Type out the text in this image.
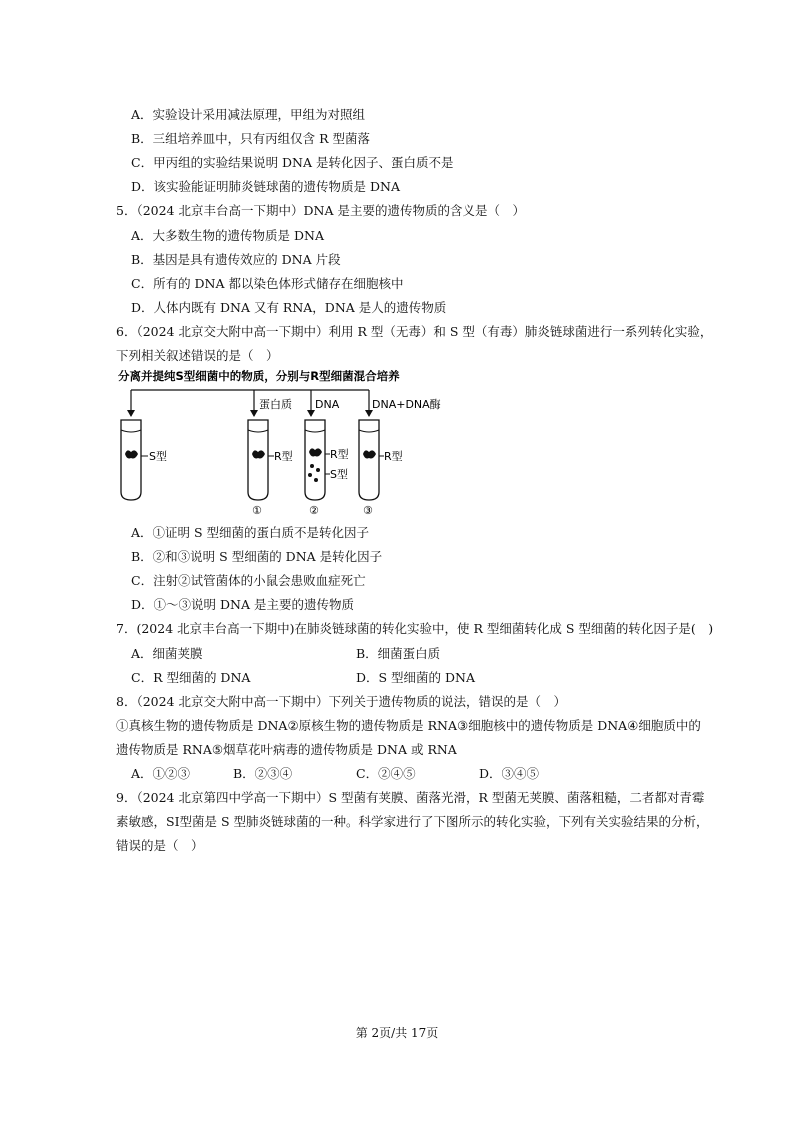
A．实验设计采用减法原理，甲组为对照组
B．三组培养皿中，只有丙组仅含 R 型菌落
C．甲丙组的实验结果说明 DNA 是转化因子、蛋白质不是
D．该实验能证明肺炎链球菌的遗传物质是 DNA
5．（2024 北京丰台高一下期中）DNA 是主要的遗传物质的含义是（　）
A．大多数生物的遗传物质是 DNA
B．基因是具有遗传效应的 DNA 片段
C．所有的 DNA 都以染色体形式储存在细胞核中
D．人体内既有 DNA 又有 RNA，DNA 是人的遗传物质
6．（2024 北京交大附中高一下期中）利用 R 型（无毒）和 S 型（有毒）肺炎链球菌进行一系列转化实验，
下列相关叙述错误的是（　）
分离并提纯S型细菌中的物质，分别与R型细菌混合培养
蛋白质 DNA	DNA+DNA酶
S型	R型
①
R型
S型
②
R型
③
A．①证明 S 型细菌的蛋白质不是转化因子
B．②和③说明 S 型细菌的 DNA 是转化因子
C．注射②试管菌体的小鼠会患败血症死亡
D．①～③说明 DNA 是主要的遗传物质
7．(2024 北京丰台高一下期中)在肺炎链球菌的转化实验中，使 R 型细菌转化成 S 型细菌的转化因子是(　)
A．细菌荚膜	B．细菌蛋白质
C．R 型细菌的 DNA	D．S 型细菌的 DNA
8．（2024 北京交大附中高一下期中）下列关于遗传物质的说法，错误的是（　）
①真核生物的遗传物质是 DNA②原核生物的遗传物质是 RNA③细胞核中的遗传物质是 DNA④细胞质中的
遗传物质是 RNA⑤烟草花叶病毒的遗传物质是 DNA 或 RNA
A．①②③	B．②③④	C．②④⑤	D．③④⑤
9．（2024 北京第四中学高一下期中）S 型菌有荚膜、菌落光滑，R 型菌无荚膜、菌落粗糙，二者都对青霉
素敏感，SⅠ型菌是 S 型肺炎链球菌的一种。科学家进行了下图所示的转化实验，下列有关实验结果的分析，
错误的是（　）
第 2页/共 17页
